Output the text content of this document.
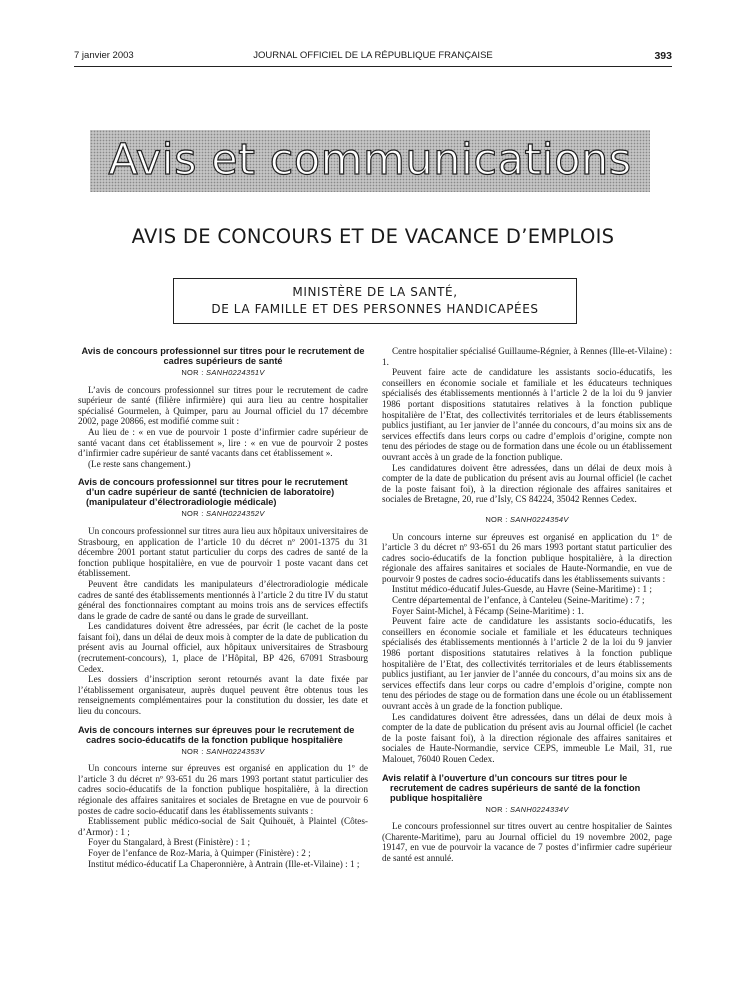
7 janvier 2003	JOURNAL OFFICIEL DE LA RÉPUBLIQUE FRANÇAISE	393
Avis et communications
AVIS DE CONCOURS ET DE VACANCE D’EMPLOIS
MINISTÈRE DE LA SANTÉ,
DE LA FAMILLE ET DES PERSONNES HANDICAPÉES

Avis de concours professionnel sur titres pour le recrutement de cadres supérieurs de santé

NOR : SANH0224351V

L’avis de concours professionnel sur titres pour le recrutement de cadre supérieur de santé (filière infirmière) qui aura lieu au centre hospitalier spécialisé Gourmelen, à Quimper, paru au Journal officiel du 17 décembre 2002, page 20866, est modifié comme suit :

Au lieu de : « en vue de pourvoir 1 poste d’infirmier cadre supérieur de santé vacant dans cet établissement », lire : « en vue de pourvoir 2 postes d’infirmier cadre supérieur de santé vacants dans cet établissement ».

(Le reste sans changement.)

Avis de concours professionnel sur titres pour le recrutement d’un cadre supérieur de santé (technicien de laboratoire) (manipulateur d’électroradiologie médicale)

NOR : SANH0224352V

Un concours professionnel sur titres aura lieu aux hôpitaux universitaires de Strasbourg, en application de l’article 10 du décret nº 2001-1375 du 31 décembre 2001 portant statut particulier du corps des cadres de santé de la fonction publique hospitalière, en vue de pourvoir 1 poste vacant dans cet établissement.

Peuvent être candidats les manipulateurs d’électroradiologie médicale cadres de santé des établissements mentionnés à l’article 2 du titre IV du statut général des fonctionnaires comptant au moins trois ans de services effectifs dans le grade de cadre de santé ou dans le grade de surveillant.

Les candidatures doivent être adressées, par écrit (le cachet de la poste faisant foi), dans un délai de deux mois à compter de la date de publication du présent avis au Journal officiel, aux hôpitaux universitaires de Strasbourg (recrutement-concours), 1, place de l’Hôpital, BP 426, 67091 Strasbourg Cedex.

Les dossiers d’inscription seront retournés avant la date fixée par l’établissement organisateur, auprès duquel peuvent être obtenus tous les renseignements complémentaires pour la constitution du dossier, les date et lieu du concours.

Avis de concours internes sur épreuves pour le recrutement de cadres socio-éducatifs de la fonction publique hospitalière

NOR : SANH0224353V

Un concours interne sur épreuves est organisé en application du 1º de l’article 3 du décret nº 93-651 du 26 mars 1993 portant statut particulier des cadres socio-éducatifs de la fonction publique hospitalière, à la direction régionale des affaires sanitaires et sociales de Bretagne en vue de pourvoir 6 postes de cadre socio-éducatif dans les établissements suivants :

Etablissement public médico-social de Sait Quihouët, à Plaintel (Côtes-d’Armor) : 1 ;

Foyer du Stangalard, à Brest (Finistère) : 1 ;

Foyer de l’enfance de Roz-Maria, à Quimper (Finistère) : 2 ;

Institut médico-éducatif La Chaperonnière, à Antrain (Ille-et-Vilaine) : 1 ;

Centre hospitalier spécialisé Guillaume-Régnier, à Rennes (Ille-et-Vilaine) : 1.

Peuvent faire acte de candidature les assistants socio-éducatifs, les conseillers en économie sociale et familiale et les éducateurs techniques spécialisés des établissements mentionnés à l’article 2 de la loi du 9 janvier 1986 portant dispositions statutaires relatives à la fonction publique hospitalière de l’Etat, des collectivités territoriales et de leurs établissements publics justifiant, au 1er janvier de l’année du concours, d’au moins six ans de services effectifs dans leurs corps ou cadre d’emplois d’origine, compte non tenu des périodes de stage ou de formation dans une école ou un établissement ouvrant accès à un grade de la fonction publique.

Les candidatures doivent être adressées, dans un délai de deux mois à compter de la date de publication du présent avis au Journal officiel (le cachet de la poste faisant foi), à la direction régionale des affaires sanitaires et sociales de Bretagne, 20, rue d’Isly, CS 84224, 35042 Rennes Cedex.

NOR : SANH0224354V

Un concours interne sur épreuves est organisé en application du 1º de l’article 3 du décret nº 93-651 du 26 mars 1993 portant statut particulier des cadres socio-éducatifs de la fonction publique hospitalière, à la direction régionale des affaires sanitaires et sociales de Haute-Normandie, en vue de pourvoir 9 postes de cadres socio-éducatifs dans les établissements suivants :

Institut médico-éducatif Jules-Guesde, au Havre (Seine-Maritime) : 1 ;

Centre départemental de l’enfance, à Canteleu (Seine-Maritime) : 7 ;

Foyer Saint-Michel, à Fécamp (Seine-Maritime) : 1.

Peuvent faire acte de candidature les assistants socio-éducatifs, les conseillers en économie sociale et familiale et les éducateurs techniques spécialisés des établissements mentionnés à l’article 2 de la loi du 9 janvier 1986 portant dispositions statutaires relatives à la fonction publique hospitalière de l’Etat, des collectivités territoriales et de leurs établissements publics justifiant, au 1er janvier de l’année du concours, d’au moins six ans de services effectifs dans leur corps ou cadre d’emplois d’origine, compte non tenu des périodes de stage ou de formation dans une école ou un établissement ouvrant accès à un grade de la fonction publique.

Les candidatures doivent être adressées, dans un délai de deux mois à compter de la date de publication du présent avis au Journal officiel (le cachet de la poste faisant foi), à la direction régionale des affaires sanitaires et sociales de Haute-Normandie, service CEPS, immeuble Le Mail, 31, rue Malouet, 76040 Rouen Cedex.

Avis relatif à l’ouverture d’un concours sur titres pour le recrutement de cadres supérieurs de santé de la fonction publique hospitalière

NOR : SANH0224334V

Le concours professionnel sur titres ouvert au centre hospitalier de Saintes (Charente-Maritime), paru au Journal officiel du 19 novembre 2002, page 19147, en vue de pourvoir la vacance de 7 postes d’infirmier cadre supérieur de santé est annulé.
